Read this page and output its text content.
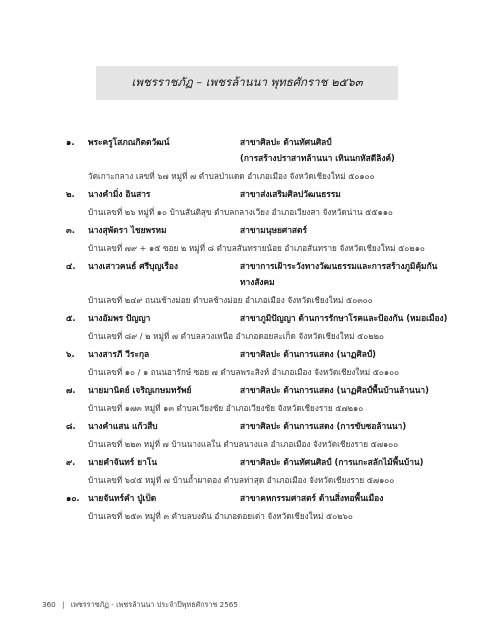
เพชรราชภัฏ – เพชรล้านนา พุทธศักราช ๒๕๖๓
๑.	พระครูโสภณกิตตวัฒน์	สาขาศิลปะ ด้านทัศนศิลป์
(การสร้างปราสาทล้านนา เทินนกหัสดีลิงค์)
วัดเกาะกลาง เลขที่ ๖๗ หมู่ที่ ๗ ตำบลป่าแดด อำเภอเมือง จังหวัดเชียงใหม่ ๕๐๑๐๐
๒.	นางคำมิ่ง อินสาร	สาขาส่งเสริมศิลปวัฒนธรรม
บ้านเลขที่ ๒๖ หมู่ที่ ๑๐ บ้านสันติสุข ตำบลกลางเวียง อำเภอเวียงสา จังหวัดน่าน ๕๕๑๑๐
๓.	นางสุพัตรา ไชยพรหม	สาขามนุษยศาสตร์
บ้านเลขที่ ๗๙ + ๑๕ ซอย ๒ หมู่ที่ ๘ ตำบลสันทรายน้อย อำเภอสันทราย จังหวัดเชียงใหม่ ๕๐๒๑๐
๔.	นางเสาวคนธ์ ศรีบุญเรือง	สาขาการเฝ้าระวังทางวัฒนธรรมและการสร้างภูมิคุ้มกัน
ทางสังคม
บ้านเลขที่ ๒๔๙ ถนนช้างม่อย ตำบลช้างม่อย อำเภอเมือง จังหวัดเชียงใหม่ ๕๐๓๐๐
๕.	นางอัมพร ปัญญา	สาขาภูมิปัญญา ด้านการรักษาโรคและป้องกัน (หมอเมือง)
บ้านเลขที่ ๘๙ / ๒ หมู่ที่ ๗ ตำบลลวงเหนือ อำเภอดอยสะเก็ด จังหวัดเชียงใหม่ ๕๐๒๒๐
๖.	นางสารภี วีระกุล	สาขาศิลปะ ด้านการแสดง (นาฏศิลป์)
บ้านเลขที่ ๑๐ / ๑ ถนนอารักษ์ ซอย ๗ ตำบลพระสิงห์ อำเภอเมือง จังหวัดเชียงใหม่ ๕๐๑๐๐
๗.	นายมานิตย์ เจริญเกษมทรัพย์	สาขาศิลปะ ด้านการแสดง (นาฏศิลป์พื้นบ้านล้านนา)
บ้านเลขที่ ๑๗๓ หมู่ที่ ๑๓ ตำบลเวียงชัย อำเภอเวียงชัย จังหวัดเชียงราย ๕๗๒๑๐
๘.	นางคำแสน แก้วสืบ	สาขาศิลปะ ด้านการแสดง (การขับซอล้านนา)
บ้านเลขที่ ๒๒๓ หมู่ที่ ๗ บ้านนางแลใน ตำบลนางแล อำเภอเมือง จังหวัดเชียงราย ๕๗๑๐๐
๙.	นายคำจันทร์ ยาโน	สาขาศิลปะ ด้านทัศนศิลป์ (การแกะสลักไม้พื้นบ้าน)
บ้านเลขที่ ๖๔๕ หมู่ที่ ๗ บ้านถ้ำผาตอง ตำบลท่าสุด อำเภอเมือง จังหวัดเชียงราย ๕๗๑๐๐
๑๐. นายจันทร์คำ ปู่เป็ด	สาขาคหกรรมศาสตร์ ด้านสิ่งทอพื้นเมือง
บ้านเลขที่ ๒๕๓ หมู่ที่ ๓ ตำบลบงตัน อำเภอดอยเต่า จังหวัดเชียงใหม่ ๕๐๒๖๐
360 | เพชรราชภัฏ - เพชรล้านนา ประจำปีพุทธศักราช 2565
